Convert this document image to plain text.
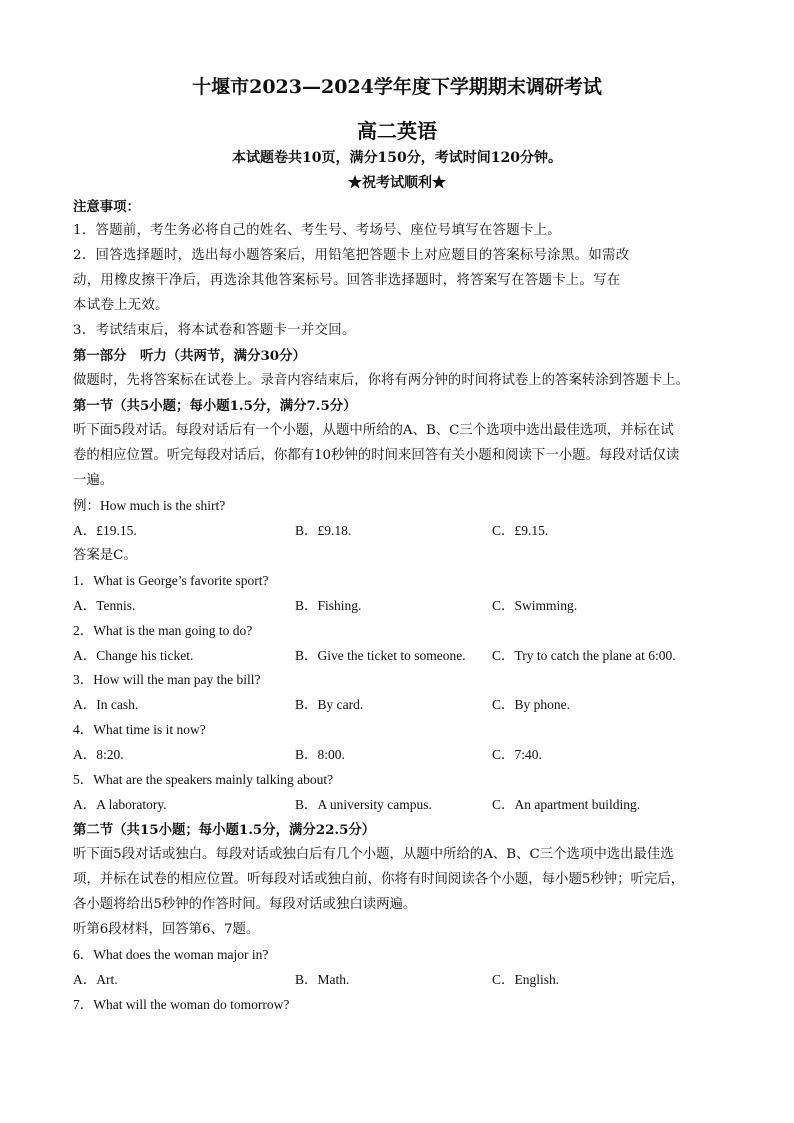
十堰市2023—2024学年度下学期期末调研考试
高二英语
本试题卷共10页，满分150分，考试时间120分钟。
★祝考试顺利★
注意事项：
1．答题前，考生务必将自己的姓名、考生号、考场号、座位号填写在答题卡上。
2．回答选择题时，选出每小题答案后，用铅笔把答题卡上对应题目的答案标号涂黑。如需改
动，用橡皮擦干净后，再选涂其他答案标号。回答非选择题时，将答案写在答题卡上。写在
本试卷上无效。
3．考试结束后，将本试卷和答题卡一并交回。
第一部分　听力（共两节，满分30分）
做题时，先将答案标在试卷上。录音内容结束后，你将有两分钟的时间将试卷上的答案转涂到答题卡上。
第一节（共5小题；每小题1.5分，满分7.5分）
听下面5段对话。每段对话后有一个小题，从题中所给的A、B、C三个选项中选出最佳选项，并标在试
卷的相应位置。听完每段对话后，你都有10秒钟的时间来回答有关小题和阅读下一小题。每段对话仅读
一遍。
例：How much is the shirt?
A．£19.15.	B．£9.18.	C．£9.15.
答案是C。
1．What is George’s favorite sport?
A．Tennis.	B．Fishing.	C．Swimming.
2．What is the man going to do?
A．Change his ticket.	B．Give the ticket to someone. C．Try to catch the plane at 6:00.
3．How will the man pay the bill?
A．In cash.	B．By card.	C．By phone.
4．What time is it now?
A．8:20.	B．8:00.	C．7:40.
5．What are the speakers mainly talking about?
A．A laboratory.	B．A university campus.	C．An apartment building.
第二节（共15小题；每小题1.5分，满分22.5分）
听下面5段对话或独白。每段对话或独白后有几个小题，从题中所给的A、B、C三个选项中选出最佳选
项，并标在试卷的相应位置。听每段对话或独白前，你将有时间阅读各个小题，每小题5秒钟；听完后，
各小题将给出5秒钟的作答时间。每段对话或独白读两遍。
听第6段材料，回答第6、7题。
6．What does the woman major in?
A．Art.	B．Math.	C．English.
7．What will the woman do tomorrow?
